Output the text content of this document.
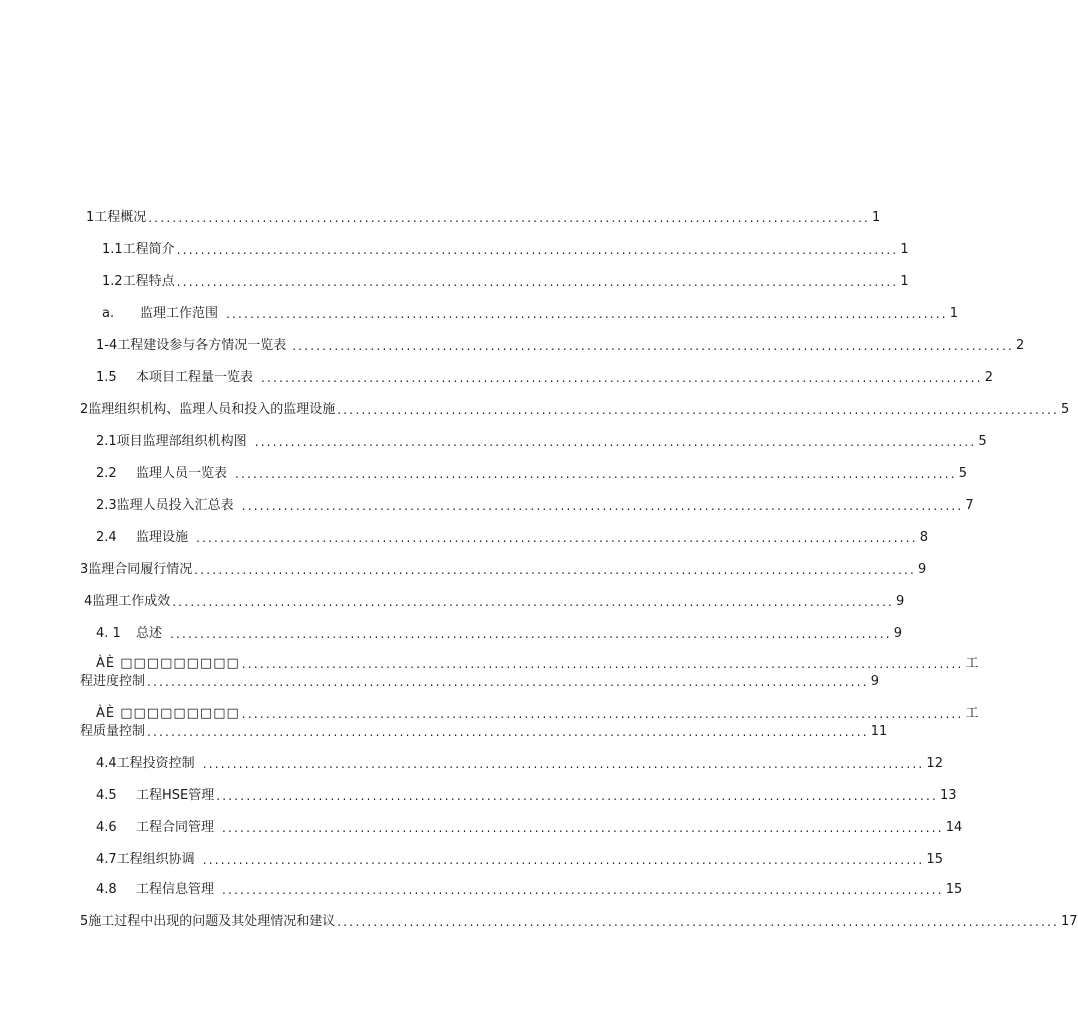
1工程概况 ........................................................................................................................ 1
1.1工程简介 ........................................................................................................................ 1
1.2工程特点 ........................................................................................................................ 1
a.	监理工作范围 ........................................................................................................................ 1
1-4工程建设参与各方情况一览表 ........................................................................................................................ 2
1.5	本项目工程量一览表 ........................................................................................................................ 2
2监理组织机构、监理人员和投入的监理设施 ........................................................................................................................ 5
2.1项目监理部组织机构图 ........................................................................................................................ 5
2.2	监理人员一览表 ........................................................................................................................ 5
2.3监理人员投入汇总表 ........................................................................................................................ 7
2.4	监理设施 ........................................................................................................................ 8
3监理合同履行情况 ........................................................................................................................ 9
4监理工作成效 ........................................................................................................................ 9
4. 1	总述 ........................................................................................................................ 9
ÀÈ □□□□□□□□□ ........................................................................................................................ 工
程进度控制 ........................................................................................................................ 9
ÀÈ □□□□□□□□□ ........................................................................................................................ 工
程质量控制 ........................................................................................................................ 11
4.4工程投资控制 ........................................................................................................................ 12
4.5	工程HSE管理 ........................................................................................................................ 13
4.6	工程合同管理 ........................................................................................................................ 14
4.7工程组织协调 ........................................................................................................................ 15
4.8	工程信息管理 ........................................................................................................................ 15
5施工过程中出现的问题及其处理情况和建议 ........................................................................................................................ 17
